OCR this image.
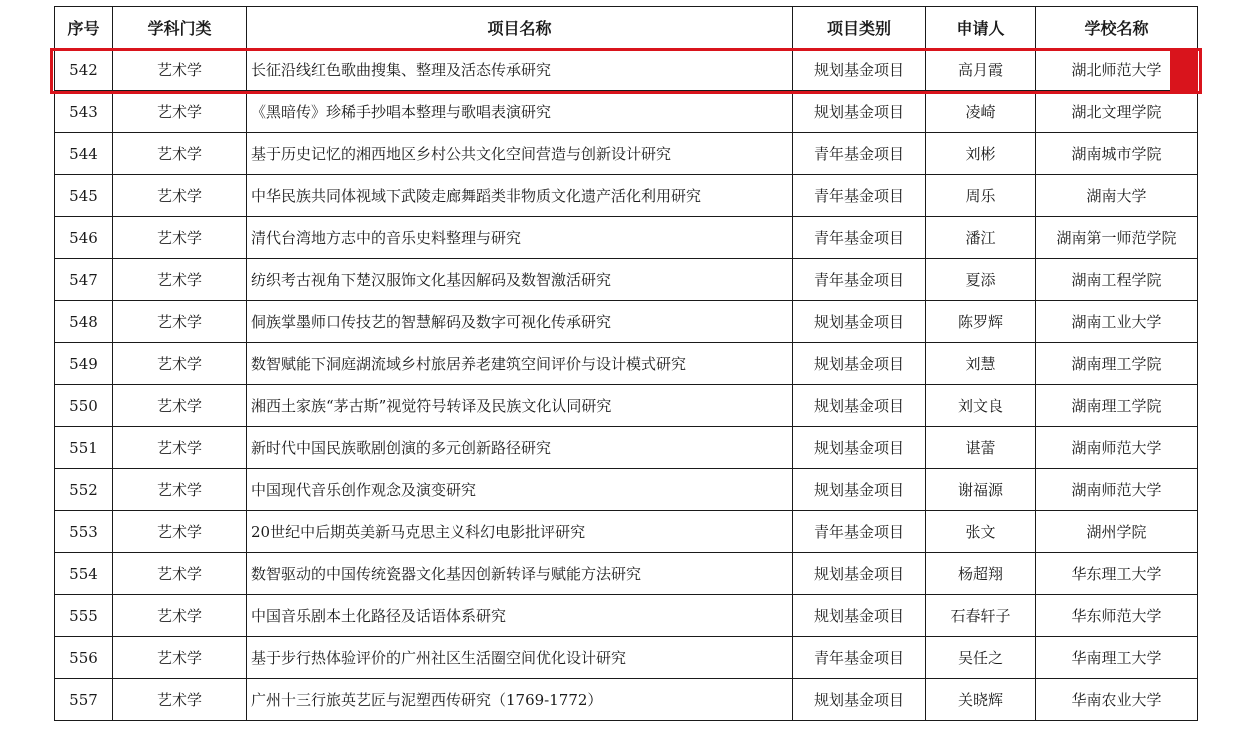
序号	学科门类	项目名称	项目类别	申请人	学校名称
542	艺术学	长征沿线红色歌曲搜集、整理及活态传承研究	规划基金项目	高月霞	湖北师范大学
543	艺术学	《黑暗传》珍稀手抄唱本整理与歌唱表演研究	规划基金项目	凌崎	湖北文理学院
544	艺术学	基于历史记忆的湘西地区乡村公共文化空间营造与创新设计研究	青年基金项目	刘彬	湖南城市学院
545	艺术学	中华民族共同体视域下武陵走廊舞蹈类非物质文化遗产活化利用研究	青年基金项目	周乐	湖南大学
546	艺术学	清代台湾地方志中的音乐史料整理与研究	青年基金项目	潘江	湖南第一师范学院
547	艺术学	纺织考古视角下楚汉服饰文化基因解码及数智激活研究	青年基金项目	夏添	湖南工程学院
548	艺术学	侗族掌墨师口传技艺的智慧解码及数字可视化传承研究	规划基金项目	陈罗辉	湖南工业大学
549	艺术学	数智赋能下洞庭湖流域乡村旅居养老建筑空间评价与设计模式研究	规划基金项目	刘慧	湖南理工学院
550	艺术学	湘西土家族“茅古斯”视觉符号转译及民族文化认同研究	规划基金项目	刘文良	湖南理工学院
551	艺术学	新时代中国民族歌剧创演的多元创新路径研究	规划基金项目	谌蕾	湖南师范大学
552	艺术学	中国现代音乐创作观念及演变研究	规划基金项目	谢福源	湖南师范大学
553	艺术学	20世纪中后期英美新马克思主义科幻电影批评研究	青年基金项目	张文	湖州学院
554	艺术学	数智驱动的中国传统瓷器文化基因创新转译与赋能方法研究	规划基金项目	杨超翔	华东理工大学
555	艺术学	中国音乐剧本土化路径及话语体系研究	规划基金项目	石春轩子	华东师范大学
556	艺术学	基于步行热体验评价的广州社区生活圈空间优化设计研究	青年基金项目	吴任之	华南理工大学
557	艺术学	广州十三行旅英艺匠与泥塑西传研究（1769-1772）	规划基金项目	关晓辉	华南农业大学
